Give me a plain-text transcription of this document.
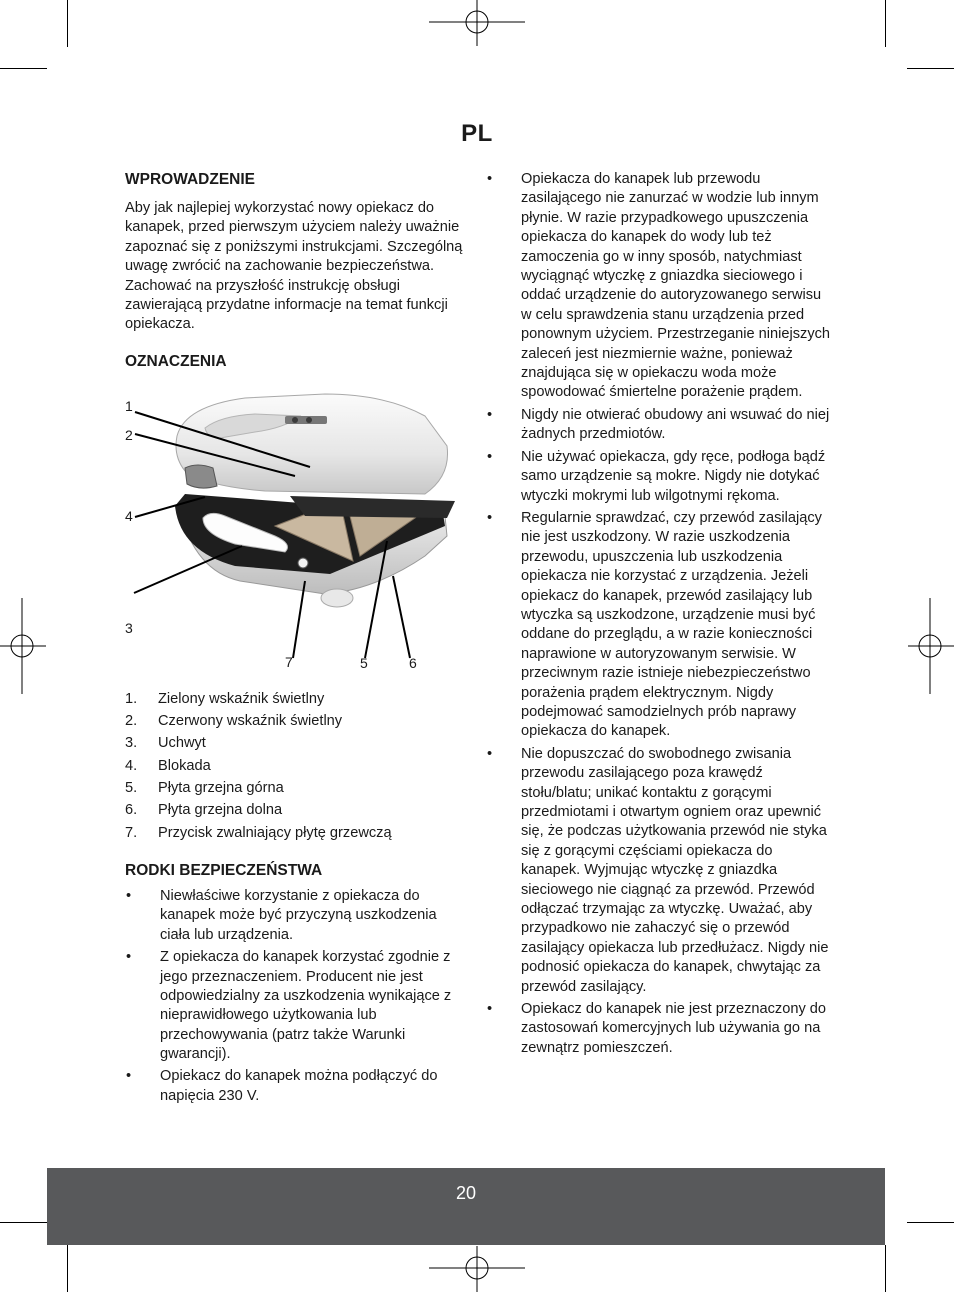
PL
WPROWADZENIE

Aby jak najlepiej wykorzystać nowy opiekacz do kanapek, przed pierwszym użyciem należy uważnie zapoznać się z poniższymi instrukcjami. Szczególną uwagę zwrócić na zachowanie bezpieczeństwa. Zachować na przyszłość instrukcję obsługi zawierającą przydatne informacje na temat funkcji opiekacza.

OZNACZENIA
1
2
4
3
7	5	6
1. Zielony wskaźnik świetlny
2. Czerwony wskaźnik świetlny
3. Uchwyt
4. Blokada
5. Płyta grzejna górna
6. Płyta grzejna dolna
7. Przycisk zwalniający płytę grzewczą
RODKI BEZPIECZEŃSTWA
• Niewłaściwe korzystanie z opiekacza do kanapek może być przyczyną uszkodzenia ciała lub urządzenia.
• Z opiekacza do kanapek korzystać zgodnie z jego przeznaczeniem. Producent nie jest odpowiedzialny za uszkodzenia wynikające z nieprawidłowego użytkowania lub przechowywania (patrz także Warunki gwarancji).
• Opiekacz do kanapek można podłączyć do napięcia 230 V.
• Opiekacza do kanapek lub przewodu zasilającego nie zanurzać w wodzie lub innym płynie. W razie przypadkowego upuszczenia opiekacza do kanapek do wody lub też zamoczenia go w inny sposób, natychmiast wyciągnąć wtyczkę z gniazdka sieciowego i oddać urządzenie do autoryzowanego serwisu w celu sprawdzenia stanu urządzenia przed ponownym użyciem. Przestrzeganie niniejszych zaleceń jest niezmiernie ważne, ponieważ znajdująca się w opiekaczu woda może spowodować śmiertelne porażenie prądem.
• Nigdy nie otwierać obudowy ani wsuwać do niej żadnych przedmiotów.
• Nie używać opiekacza, gdy ręce, podłoga bądź samo urządzenie są mokre. Nigdy nie dotykać wtyczki mokrymi lub wilgotnymi rękoma.
• Regularnie sprawdzać, czy przewód zasilający nie jest uszkodzony. W razie uszkodzenia przewodu, upuszczenia lub uszkodzenia opiekacza nie korzystać z urządzenia. Jeżeli opiekacz do kanapek, przewód zasilający lub wtyczka są uszkodzone, urządzenie musi być oddane do przeglądu, a w razie konieczności naprawione w autoryzowanym serwisie. W przeciwnym razie istnieje niebezpieczeństwo porażenia prądem elektrycznym. Nigdy podejmować samodzielnych prób naprawy opiekacza do kanapek.
• Nie dopuszczać do swobodnego zwisania przewodu zasilającego poza krawędź stołu/blatu; unikać kontaktu z gorącymi przedmiotami i otwartym ogniem oraz upewnić się, że podczas użytkowania przewód nie styka się z gorącymi częściami opiekacza do kanapek. Wyjmując wtyczkę z gniazdka sieciowego nie ciągnąć za przewód. Przewód odłączać trzymając za wtyczkę. Uważać, aby przypadkowo nie zahaczyć się o przewód zasilający opiekacza lub przedłużacz. Nigdy nie podnosić opiekacza do kanapek, chwytając za przewód zasilający.
• Opiekacz do kanapek nie jest przeznaczony do zastosowań komercyjnych lub używania go na zewnątrz pomieszczeń.
20
